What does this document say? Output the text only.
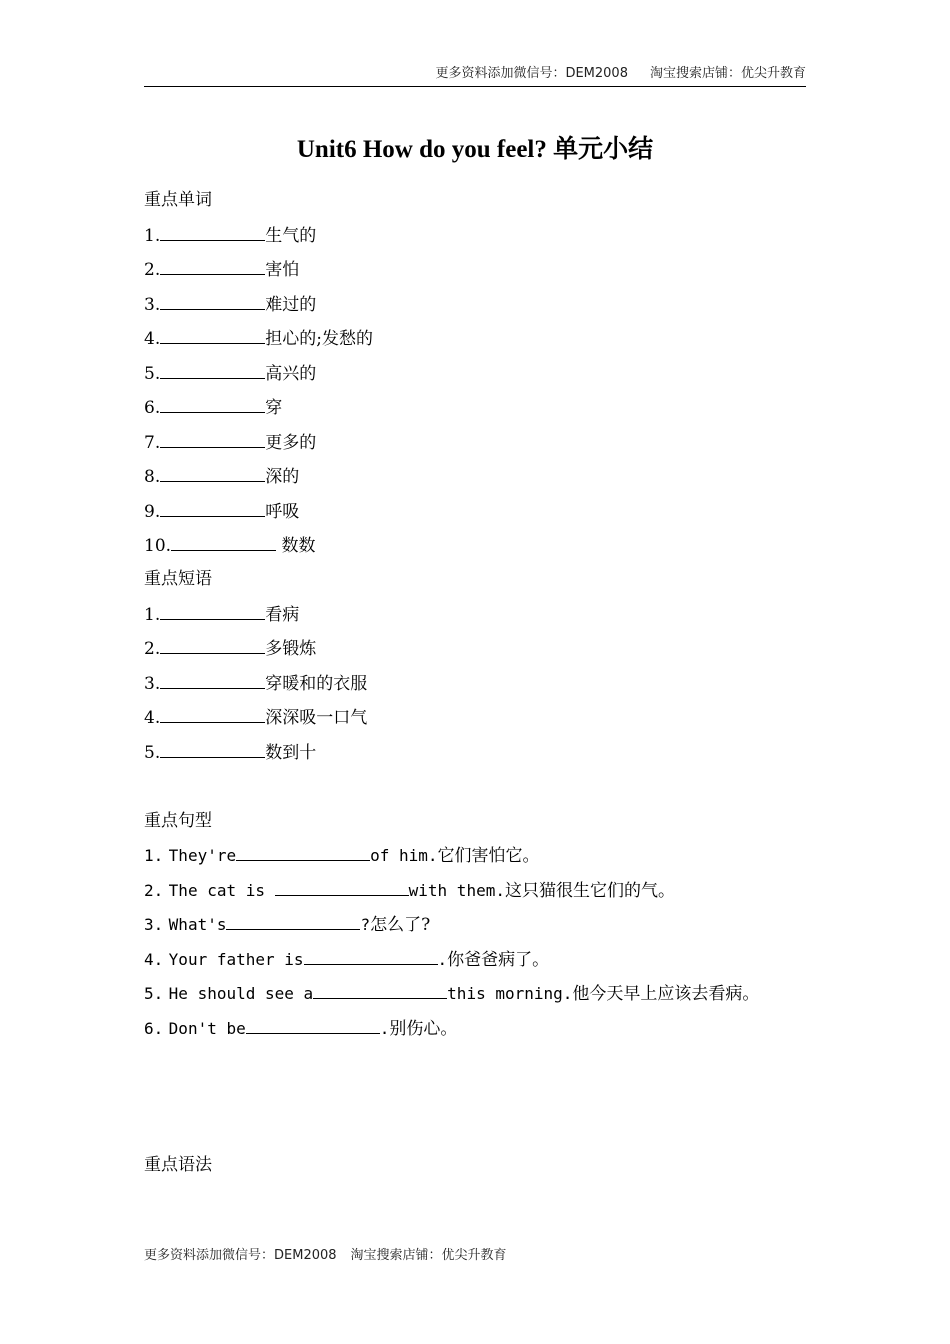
更多资料添加微信号：DEM2008 淘宝搜索店铺：优尖升教育
Unit6 How do you feel? 单元小结
重点单词
1.	生气的
2.	害怕
3.	难过的
4.	担心的;发愁的
5.	高兴的
6.	穿
7.	更多的
8.	深的
9.	呼吸
10.	数数
重点短语
1.	看病
2.	多锻炼
3.	穿暖和的衣服
4.	深深吸一口气
5.	数到十
重点句型
1. They're	of him.它们害怕它。
2. The cat is	with them.这只猫很生它们的气。
3. What's	?怎么了?
4. Your father is	.你爸爸病了。
5. He should see a	this morning.他今天早上应该去看病。
6. Don't be	.别伤心。
重点语法
更多资料添加微信号：DEM2008 淘宝搜索店铺：优尖升教育
